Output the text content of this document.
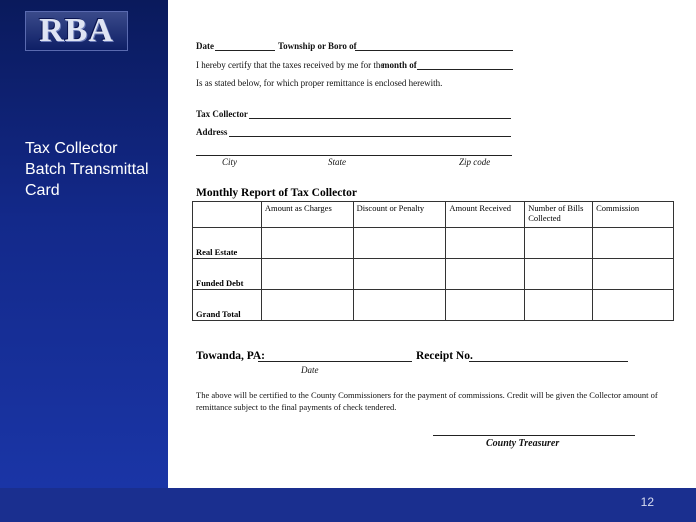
RBA
Tax Collector
Batch Transmittal
Card
Date	Township or Boro of
I hereby certify that the taxes received by me for the
month of
Is as stated below, for which proper remittance is enclosed herewith.
Tax Collector
Address
City	State	Zip code
Monthly Report of Tax Collector
	Amount as Charges	Discount or Penalty	Amount Received	Number of Bills Collected	Commission
Real Estate					
Funded Debt					
Grand Total					
Towanda, PA:	Receipt No.
Date
The above will be certified to the County Commissioners for the payment of commissions. Credit will be given the Collector amount of remittance subject to the final payments of check tendered.
County Treasurer
12
